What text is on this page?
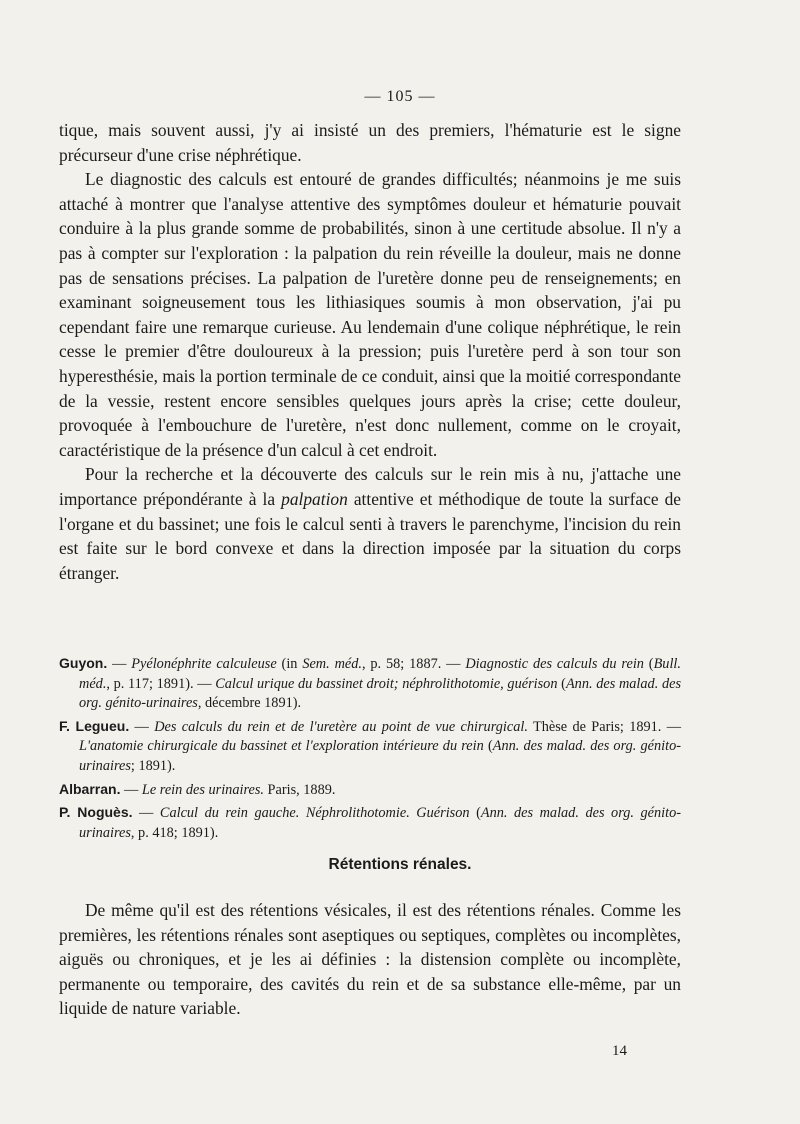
— 105 —

tique, mais souvent aussi, j'y ai insisté un des premiers, l'hématurie est le signe précurseur d'une crise néphrétique.

Le diagnostic des calculs est entouré de grandes difficultés; néanmoins je me suis attaché à montrer que l'analyse attentive des symptômes douleur et hématurie pouvait conduire à la plus grande somme de probabilités, sinon à une certitude absolue. Il n'y a pas à compter sur l'exploration : la palpation du rein réveille la douleur, mais ne donne pas de sensations précises. La palpation de l'uretère donne peu de renseignements; en examinant soigneusement tous les lithiasiques soumis à mon observation, j'ai pu cependant faire une remarque curieuse. Au lendemain d'une colique néphrétique, le rein cesse le premier d'être douloureux à la pression; puis l'uretère perd à son tour son hyperesthésie, mais la portion terminale de ce conduit, ainsi que la moitié correspondante de la vessie, restent encore sensibles quelques jours après la crise; cette douleur, provoquée à l'embouchure de l'uretère, n'est donc nullement, comme on le croyait, caractéristique de la présence d'un calcul à cet endroit.

Pour la recherche et la découverte des calculs sur le rein mis à nu, j'attache une importance prépondérante à la palpation attentive et méthodique de toute la surface de l'organe et du bassinet; une fois le calcul senti à travers le parenchyme, l'incision du rein est faite sur le bord convexe et dans la direction imposée par la situation du corps étranger.

Guyon. — Pyélonéphrite calculeuse (in Sem. méd., p. 58; 1887. — Diagnostic des calculs du rein (Bull. méd., p. 117; 1891). — Calcul urique du bassinet droit; néphrolithotomie, guérison (Ann. des malad. des org. génito-urinaires, décembre 1891).

F. Legueu. — Des calculs du rein et de l'uretère au point de vue chirurgical. Thèse de Paris; 1891. — L'anatomie chirurgicale du bassinet et l'exploration intérieure du rein (Ann. des malad. des org. génito-urinaires; 1891).

Albarran. — Le rein des urinaires. Paris, 1889.

P. Noguès. — Calcul du rein gauche. Néphrolithotomie. Guérison (Ann. des malad. des org. génito-urinaires, p. 418; 1891).

Rétentions rénales.

De même qu'il est des rétentions vésicales, il est des rétentions rénales. Comme les premières, les rétentions rénales sont aseptiques ou septiques, complètes ou incomplètes, aiguës ou chroniques, et je les ai définies : la distension complète ou incomplète, permanente ou temporaire, des cavités du rein et de sa substance elle-même, par un liquide de nature variable.

14
